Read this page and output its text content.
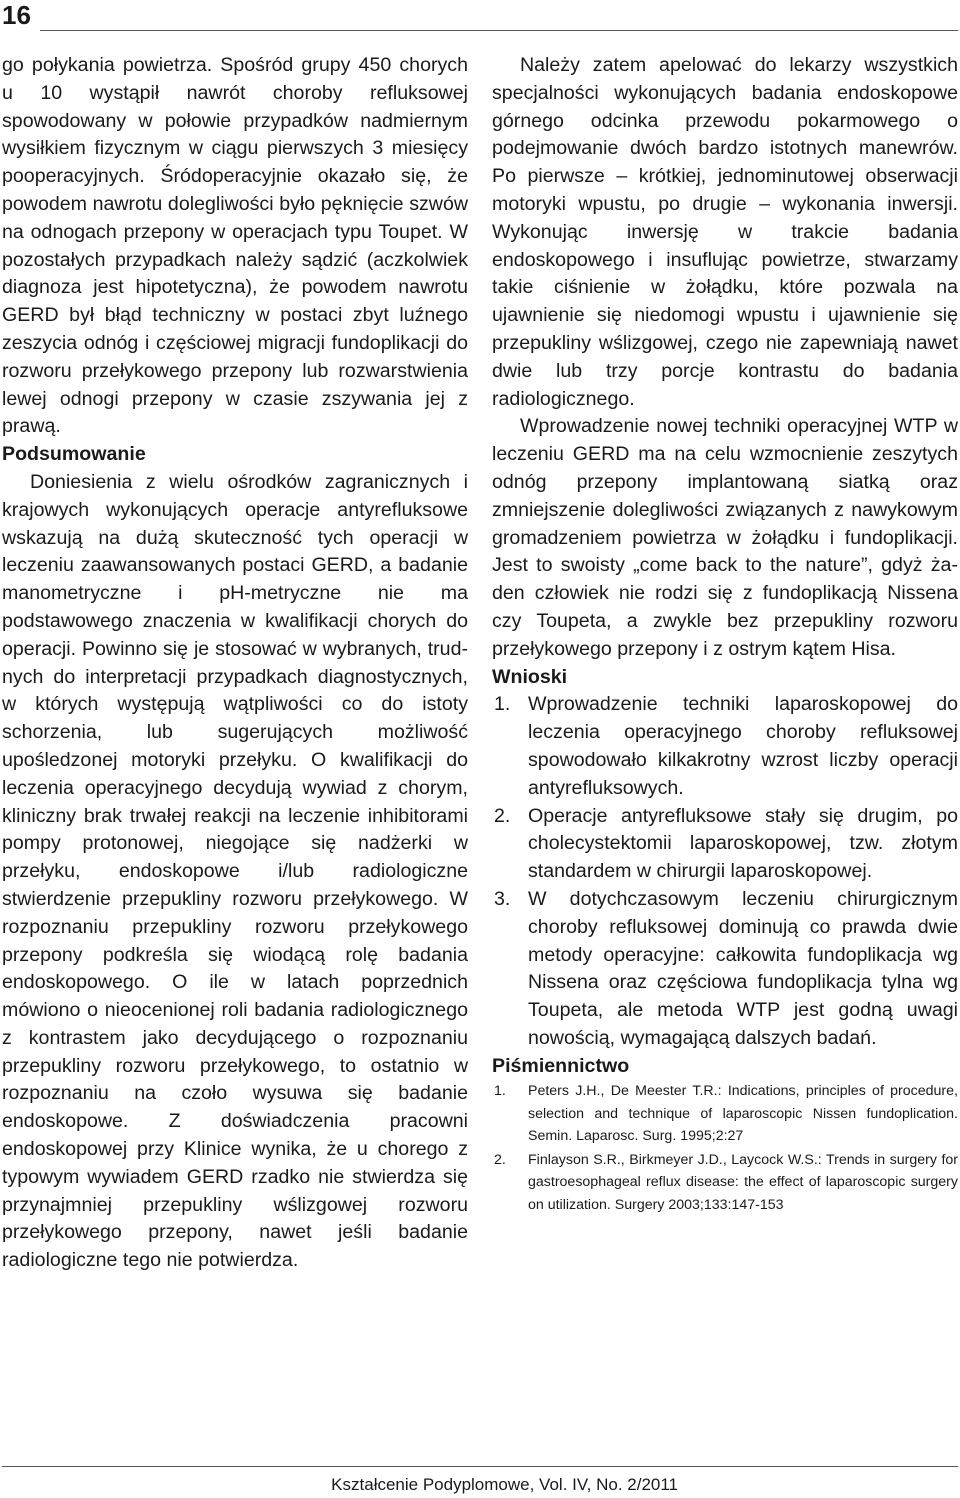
16

go połykania powietrza. Spośród grupy 450 chorych u 10 wystąpił nawrót choroby refluksowej spowodowany w połowie przypadków nadmiernym wysiłkiem fizycznym w ciągu pierwszych 3 miesięcy pooperacyjnych. Śródoperacyjnie okazało się, że powodem nawrotu dolegliwości było pęknięcie szwów na odnogach przepony w operacjach typu Toupet. W pozostałych przypadkach należy sądzić (aczkolwiek diagnoza jest hipotetyczna), że powodem nawrotu GERD był błąd techniczny w postaci zbyt luźnego zeszycia odnóg i częściowej migracji fundoplikacji do rozworu przełykowego przepony lub rozwarstwienia lewej odnogi przepony w czasie zszywania jej z prawą.

Podsumowanie

Doniesienia z wielu ośrodków zagranicznych i krajowych wykonujących operacje antyrefluksowe wskazują na dużą skuteczność tych operacji w leczeniu zaawansowanych postaci GERD, a badanie manometryczne i pH-metryczne nie ma podstawowego znaczenia w kwalifikacji chorych do operacji. Powinno się je stosować w wybranych, trudnych do interpretacji przypadkach diagnostycznych, w których występują wątpliwości co do istoty schorzenia, lub sugerujących możliwość upośledzonej motoryki przełyku. O kwalifikacji do leczenia operacyjnego decydują wywiad z chorym, kliniczny brak trwałej reakcji na leczenie inhibitorami pompy protonowej, niegojące się nadżerki w przełyku, endoskopowe i/lub radiologiczne stwierdzenie przepukliny rozworu przełykowego. W rozpoznaniu przepukliny rozworu przełykowego przepony podkreśla się wiodącą rolę badania endoskopowego. O ile w latach poprzednich mówiono o nieocenionej roli badania radiologicznego z kontrastem jako decydującego o rozpoznaniu przepukliny rozworu przełykowego, to ostatnio w rozpoznaniu na czoło wysuwa się badanie endoskopowe. Z doświadczenia pracowni endoskopowej przy Klinice wynika, że u chorego z typowym wywiadem GERD rzadko nie stwierdza się przynajmniej przepukliny wślizgowej rozworu przełykowego przepony, nawet jeśli badanie radiologiczne tego nie potwierdza.

Należy zatem apelować do lekarzy wszystkich specjalności wykonujących badania endoskopowe górnego odcinka przewodu pokarmowego o podejmowanie dwóch bardzo istotnych manewrów. Po pierwsze – krótkiej, jednominutowej obserwacji motoryki wpustu, po drugie – wykonania inwersji. Wykonując inwersję w trakcie badania endoskopowego i insuflując powietrze, stwarzamy takie ciśnienie w żołądku, które pozwala na ujawnienie się niedomogi wpustu i ujawnienie się przepukliny wślizgowej, czego nie zapewniają nawet dwie lub trzy porcje kontrastu do badania radiologicznego.

Wprowadzenie nowej techniki operacyjnej WTP w leczeniu GERD ma na celu wzmocnienie zeszytych odnóg przepony implantowaną siatką oraz zmniejszenie dolegliwości związanych z nawykowym gromadzeniem powietrza w żołądku i fundoplikacji. Jest to swoisty „come back to the nature”, gdyż żaden człowiek nie rodzi się z fundoplikacją Nissena czy Toupeta, a zwykle bez przepukliny rozworu przełykowego przepony i z ostrym kątem Hisa.

Wnioski

1. Wprowadzenie techniki laparoskopowej do leczenia operacyjnego choroby refluksowej spowodowało kilkakrotny wzrost liczby operacji antyrefluksowych.
2. Operacje antyrefluksowe stały się drugim, po cholecystektomii laparoskopowej, tzw. złotym standardem w chirurgii laparoskopowej.
3. W dotychczasowym leczeniu chirurgicznym choroby refluksowej dominują co prawda dwie metody operacyjne: całkowita fundoplikacja wg Nissena oraz częściowa fundoplikacja tylna wg Toupeta, ale metoda WTP jest godną uwagi nowością, wymagającą dalszych badań.

Piśmiennictwo

1. Peters J.H., De Meester T.R.: Indications, principles of procedure, selection and technique of laparoscopic Nissen fundoplication. Semin. Laparosc. Surg. 1995;2:27
2. Finlayson S.R., Birkmeyer J.D., Laycock W.S.: Trends in surgery for gastroesophageal reflux disease: the effect of laparoscopic surgery on utilization. Surgery 2003;133:147-153
Kształcenie Podyplomowe, Vol. IV, No. 2/2011
